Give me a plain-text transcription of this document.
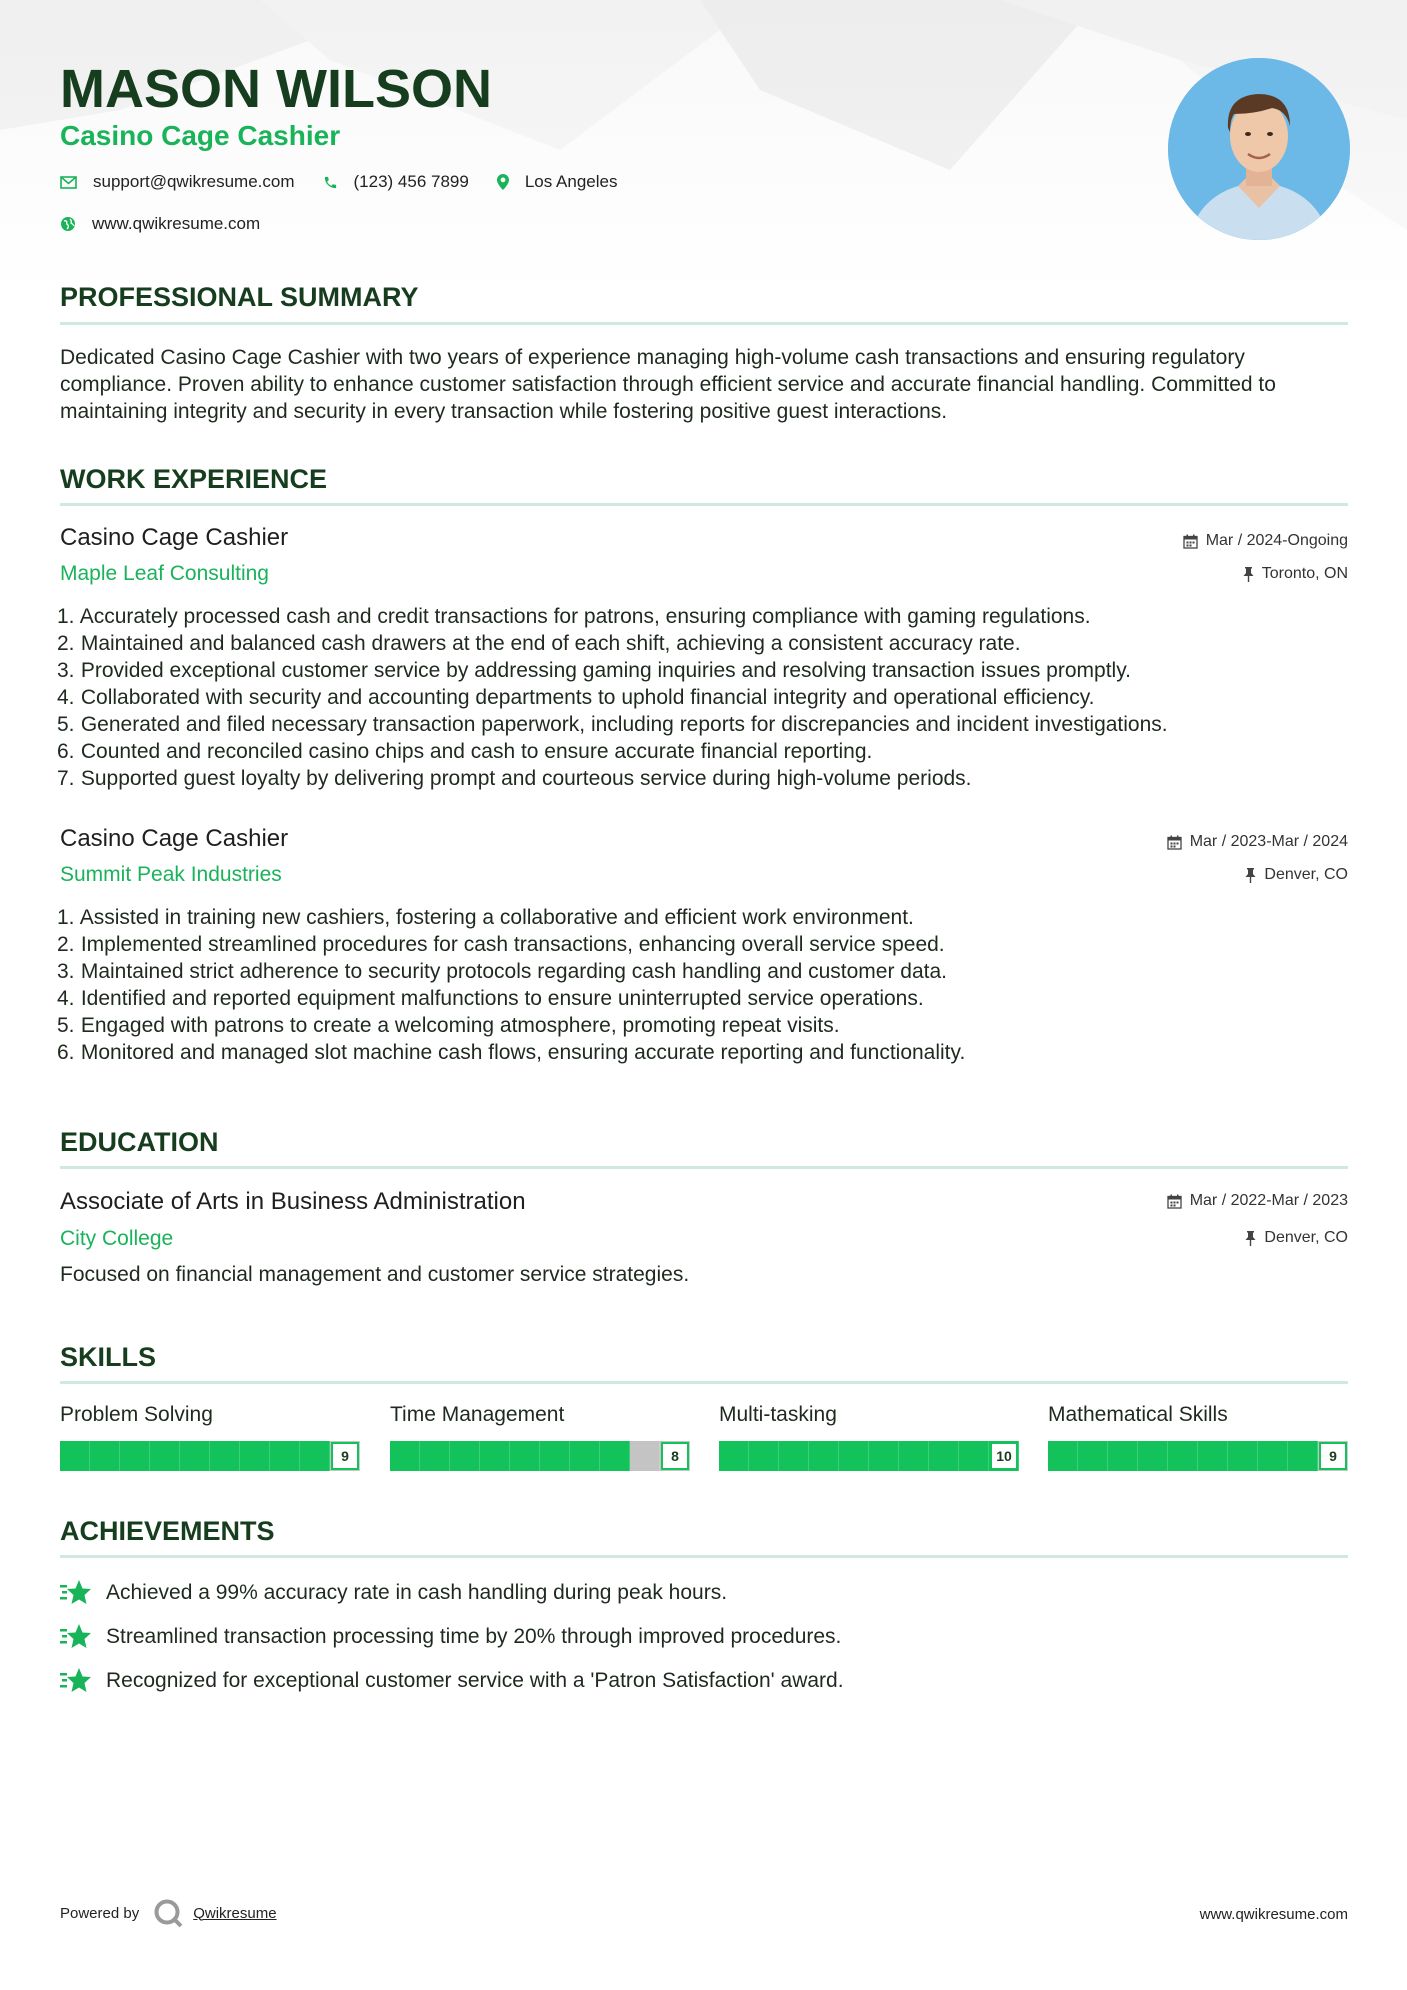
MASON WILSON
Casino Cage Cashier
support@qwikresume.com	(123) 456 7899	Los Angeles
www.qwikresume.com
PROFESSIONAL SUMMARY

Dedicated Casino Cage Cashier with two years of experience managing high-volume cash transactions and ensuring regulatory compliance. Proven ability to enhance customer satisfaction through efficient service and accurate financial handling. Committed to maintaining integrity and security in every transaction while fostering positive guest interactions.

WORK EXPERIENCE
Casino Cage Cashier

Maple Leaf Consulting

Mar / 2024-Ongoing
Toronto, ON
1. Accurately processed cash and credit transactions for patrons, ensuring compliance with gaming regulations.
2. Maintained and balanced cash drawers at the end of each shift, achieving a consistent accuracy rate.
3. Provided exceptional customer service by addressing gaming inquiries and resolving transaction issues promptly.
4. Collaborated with security and accounting departments to uphold financial integrity and operational efficiency.
5. Generated and filed necessary transaction paperwork, including reports for discrepancies and incident investigations.
6. Counted and reconciled casino chips and cash to ensure accurate financial reporting.
7. Supported guest loyalty by delivering prompt and courteous service during high-volume periods.
Casino Cage Cashier

Summit Peak Industries

Mar / 2023-Mar / 2024
Denver, CO
1. Assisted in training new cashiers, fostering a collaborative and efficient work environment.
2. Implemented streamlined procedures for cash transactions, enhancing overall service speed.
3. Maintained strict adherence to security protocols regarding cash handling and customer data.
4. Identified and reported equipment malfunctions to ensure uninterrupted service operations.
5. Engaged with patrons to create a welcoming atmosphere, promoting repeat visits.
6. Monitored and managed slot machine cash flows, ensuring accurate reporting and functionality.
EDUCATION
Associate of Arts in Business Administration

City College

Mar / 2022-Mar / 2023
Denver, CO

Focused on financial management and customer service strategies.

SKILLS

Problem Solving

9

Time Management

8

Multi-tasking

10

Mathematical Skills

9
ACHIEVEMENTS
Achieved a 99% accuracy rate in cash handling during peak hours.
Streamlined transaction processing time by 20% through improved procedures.
Recognized for exceptional customer service with a 'Patron Satisfaction' award.
Powered by	Qwikresume	www.qwikresume.com
